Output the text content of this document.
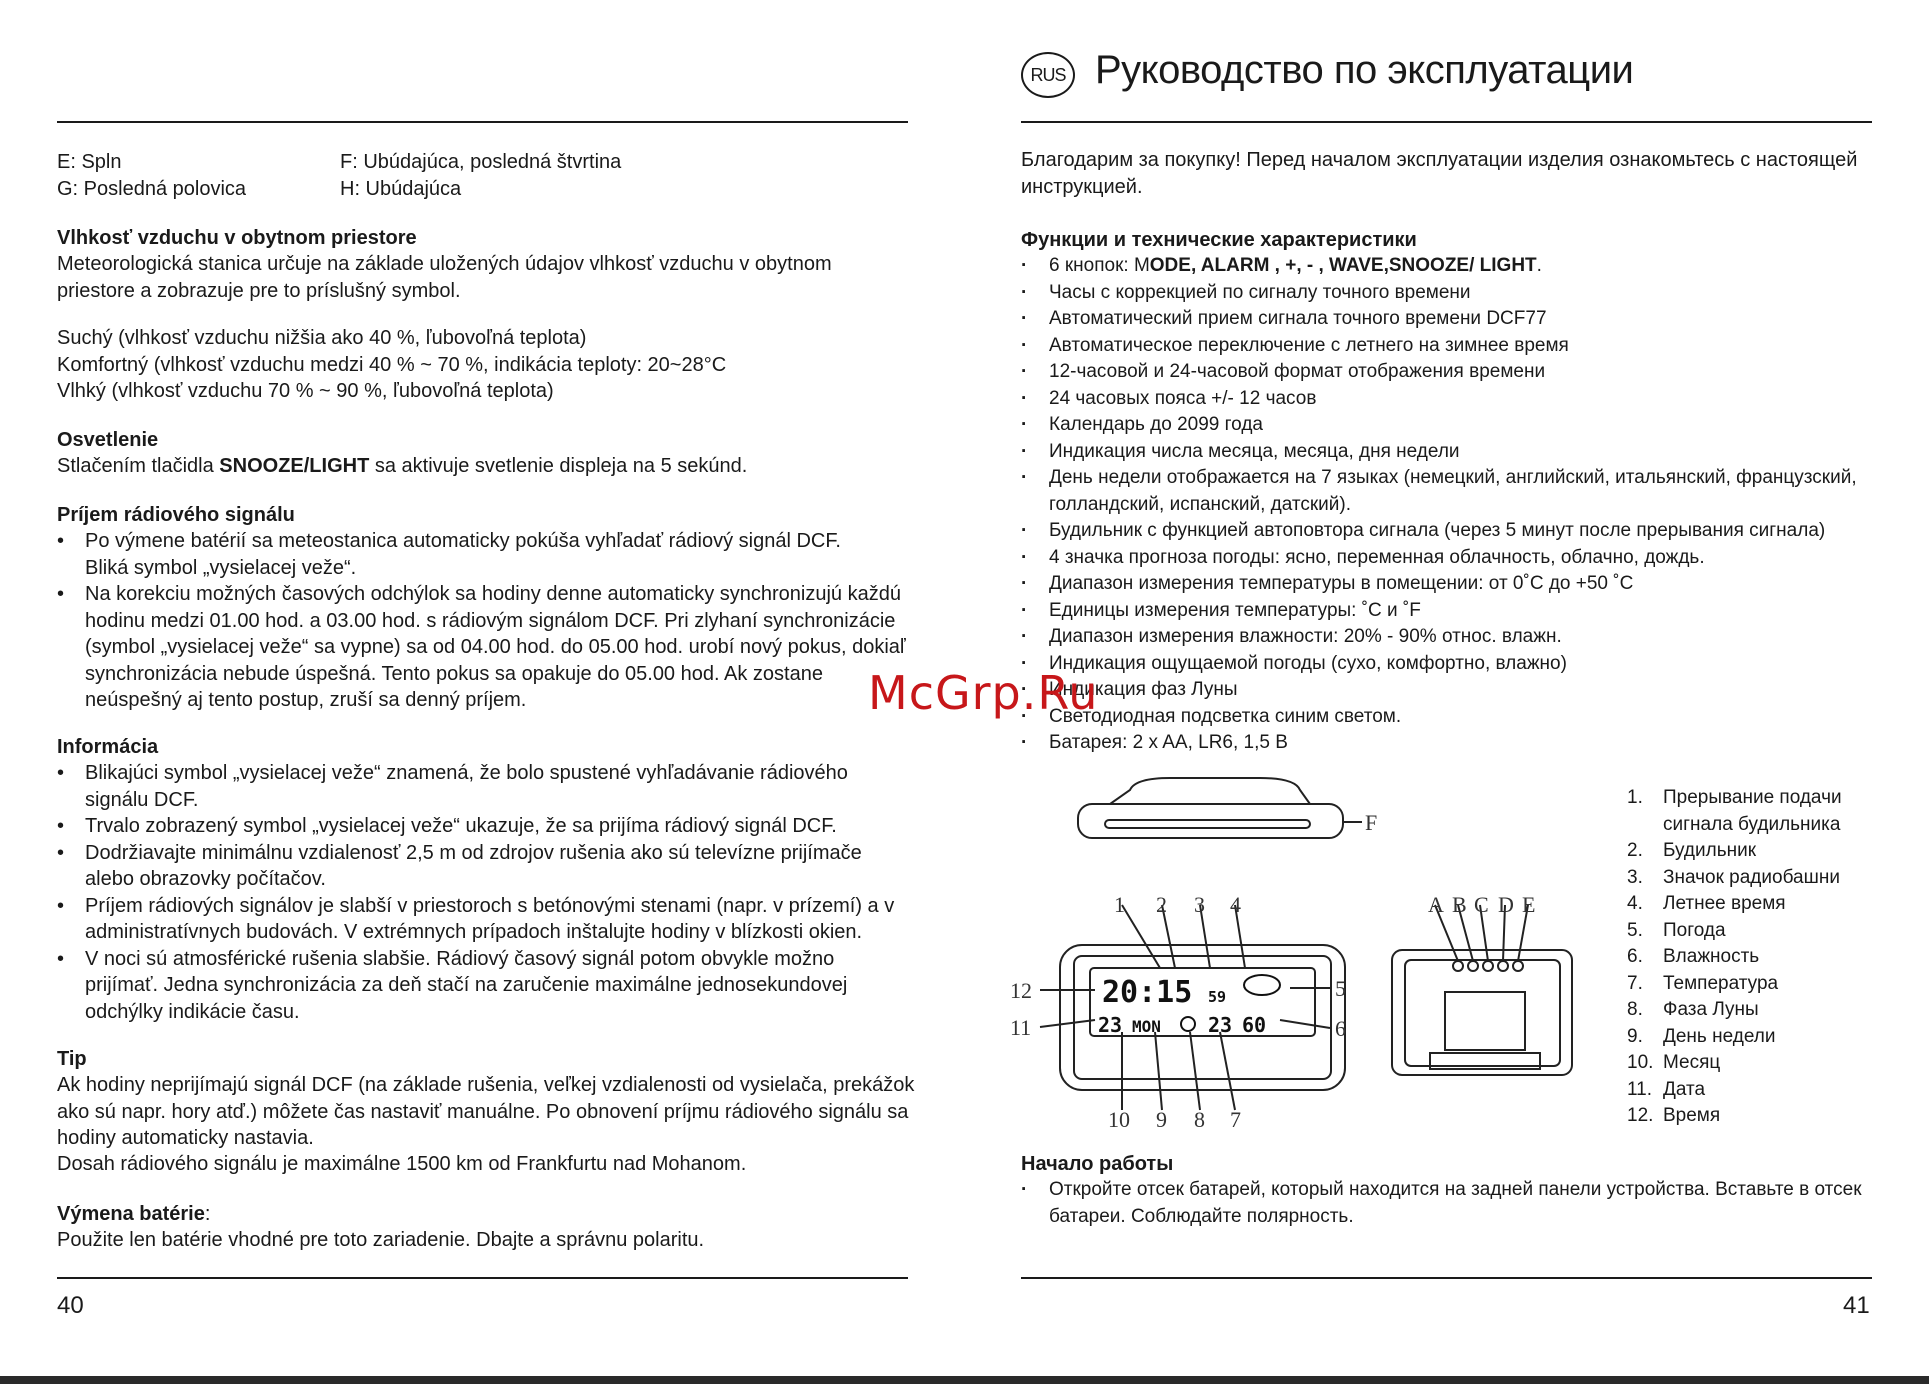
E: Spln	F: Ubúdajúca, posledná štvrtina
G: Posledná polovica	H: Ubúdajúca
Vlhkosť vzduchu v obytnom priestore

Meteorologická stanica určuje na základe uložených údajov vlhkosť vzduchu v obytnom priestore a zobrazuje pre to príslušný symbol.

Suchý (vlhkosť vzduchu nižšia ako 40 %, ľubovoľná teplota)

Komfortný (vlhkosť vzduchu medzi 40 % ~ 70 %, indikácia teploty: 20~28°C

Vlhký (vlhkosť vzduchu 70 % ~ 90 %, ľubovoľná teplota)

Osvetlenie

Stlačením tlačidla SNOOZE/LIGHT sa aktivuje svetlenie displeja na 5 sekúnd.

Príjem rádiového signálu
• Po výmene batérií sa meteostanica automaticky pokúša vyhľadať rádiový signál DCF. Bliká symbol „vysielacej veže“.
• Na korekciu možných časových odchýlok sa hodiny denne automaticky synchronizujú každú hodinu medzi 01.00 hod. a 03.00 hod. s rádiovým signálom DCF. Pri zlyhaní synchronizácie (symbol „vysielacej veže“ sa vypne) sa od 04.00 hod. do 05.00 hod. urobí nový pokus, dokiaľ synchronizácia nebude úspešná. Tento pokus sa opakuje do 05.00 hod. Ak zostane neúspešný aj tento postup, zruší sa denný príjem.
Informácia
• Blikajúci symbol „vysielacej veže“ znamená, že bolo spustené vyhľadávanie rádiového signálu DCF.
• Trvalo zobrazený symbol „vysielacej veže“ ukazuje, že sa prijíma rádiový signál DCF.
• Dodržiavajte minimálnu vzdialenosť 2,5 m od zdrojov rušenia ako sú televízne prijímače alebo obrazovky počítačov.
• Príjem rádiových signálov je slabší v priestoroch s betónovými stenami (napr. v prízemí) a v administratívnych budovách. V extrémnych prípadoch inštalujte hodiny v blízkosti okien.
• V noci sú atmosférické rušenia slabšie. Rádiový časový signál potom obvykle možno prijímať. Jedna synchronizácia za deň stačí na zaručenie maximálne jednosekundovej odchýlky indikácie času.
Tip

Ak hodiny neprijímajú signál DCF (na základe rušenia, veľkej vzdialenosti od vysielača, prekážok ako sú napr. hory atď.) môžete čas nastaviť manuálne. Po obnovení príjmu rádiového signálu sa hodiny automaticky nastavia.

Dosah rádiového signálu je maximálne 1500 km od Frankfurtu nad Mohanom.

Výmena batérie:

Použite len batérie vhodné pre toto zariadenie. Dbajte a správnu polaritu.

40
RUS Руководство по эксплуатации

Благодарим за покупку! Перед началом эксплуатации изделия ознакомьтесь с настоящей инструкцией.

Функции и технические характеристики
· 6 кнопок: MODE, ALARM , +, - , WAVE,SNOOZE/ LIGHT.
· Часы с коррекцией по сигналу точного времени
· Автоматический прием сигнала точного времени DCF77
· Автоматическое переключение с летнего на зимнее время
· 12-часовой и 24-часовой формат отображения времени
· 24 часовых пояса +/- 12 часов
· Календарь до 2099 года
· Индикация числа месяца, месяца, дня недели
· День недели отображается на 7 языках (немецкий, английский, итальянский, французский, голландский, испанский, датский).
· Будильник с функцией автоповтора сигнала (через 5 минут после прерывания сигнала)
· 4 значка прогноза погоды: ясно, переменная облачность, облачно, дождь.
· Диапазон измерения температуры в помещении: от 0˚C до +50 ˚C
· Единицы измерения температуры: ˚C и ˚F
· Диапазон измерения влажности: 20% - 90% относ. влажн.
· Индикация ощущаемой погоды (сухо, комфортно, влажно)
· Индикация фаз Луны
· Светодиодная подсветка синим светом.
· Батарея: 2 x AA, LR6, 1,5 В
McGrp.Ru
F
1 2 3 4
12
11
5
6
10 9 8 7
A B C D E
20:15 59
23 MON 23 60
1. Прерывание подачи сигнала будильника
2. Будильник
3. Значок радиобашни
4. Летнее время
5. Погода
6. Влажность
7. Температура
8. Фаза Луны
9. День недели
10. Месяц
11. Дата
12. Время
Начало работы
· Откройте отсек батарей, который находится на задней панели устройства. Вставьте в отсек батареи. Соблюдайте полярность.
41
